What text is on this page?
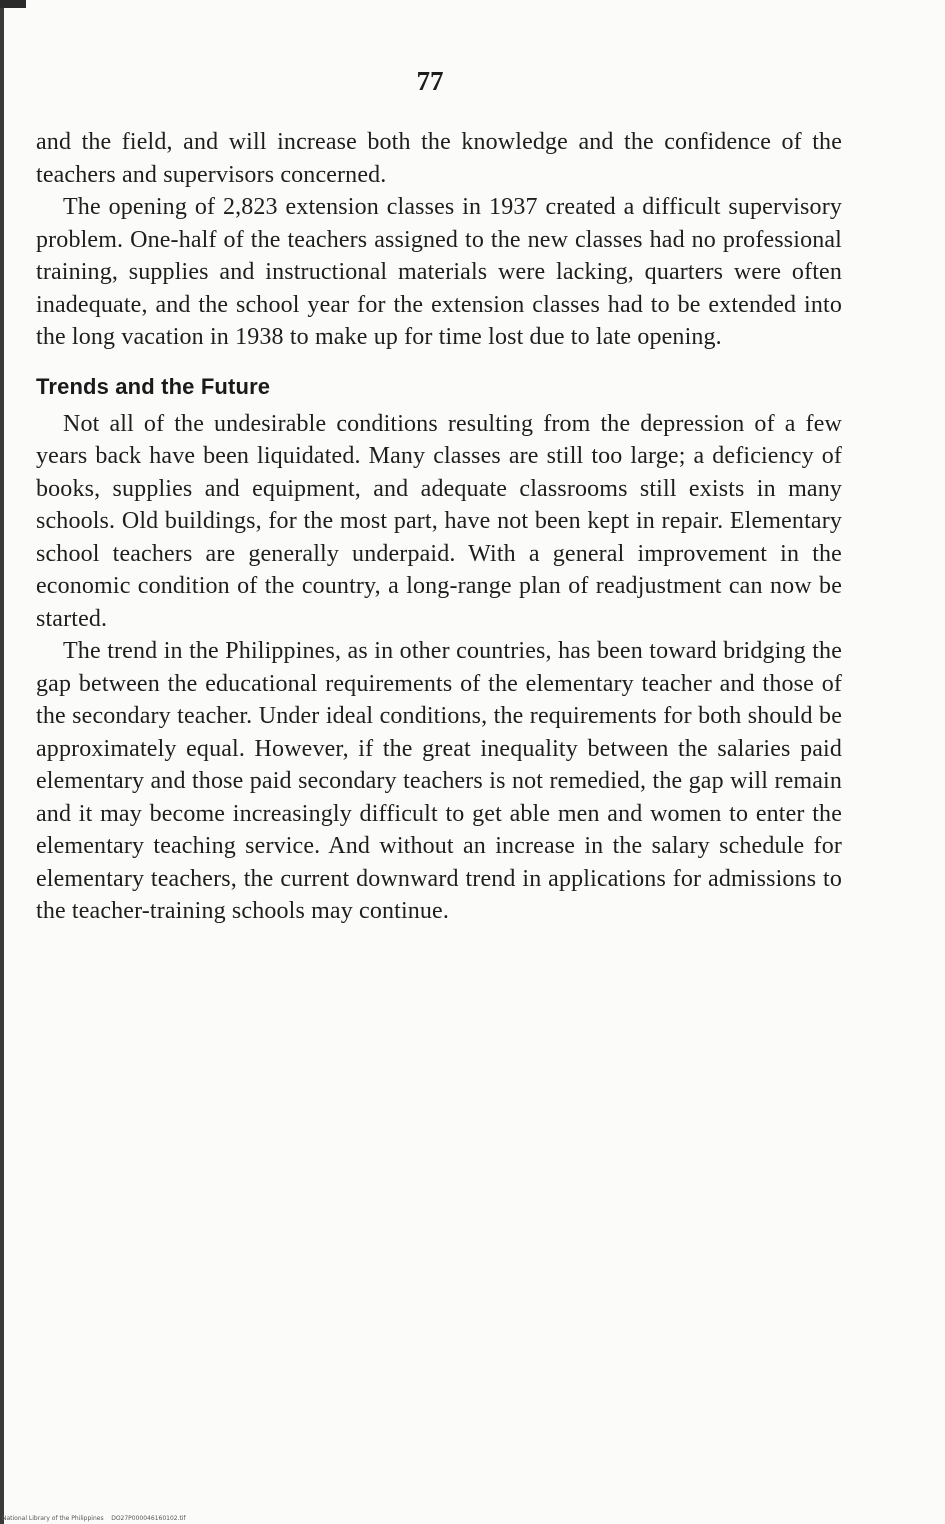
77

and the field, and will increase both the knowledge and the confidence of the teachers and supervisors concerned.

The opening of 2,823 extension classes in 1937 created a difficult supervisory problem. One-half of the teachers assigned to the new classes had no professional training, supplies and instructional materials were lacking, quarters were often inadequate, and the school year for the extension classes had to be extended into the long vacation in 1938 to make up for time lost due to late opening.

Trends and the Future

Not all of the undesirable conditions resulting from the depression of a few years back have been liquidated. Many classes are still too large; a deficiency of books, supplies and equipment, and adequate classrooms still exists in many schools. Old buildings, for the most part, have not been kept in repair. Elementary school teachers are generally underpaid. With a general improvement in the economic condition of the country, a long-range plan of readjustment can now be started.

The trend in the Philippines, as in other countries, has been toward bridging the gap between the educational requirements of the elementary teacher and those of the secondary teacher. Under ideal conditions, the requirements for both should be approximately equal. However, if the great inequality between the salaries paid elementary and those paid secondary teachers is not remedied, the gap will remain and it may become increasingly difficult to get able men and women to enter the elementary teaching service. And without an increase in the salary schedule for elementary teachers, the current downward trend in applications for admissions to the teacher-training schools may continue.

National Library of the Philippines    DO27P000046160102.tif
